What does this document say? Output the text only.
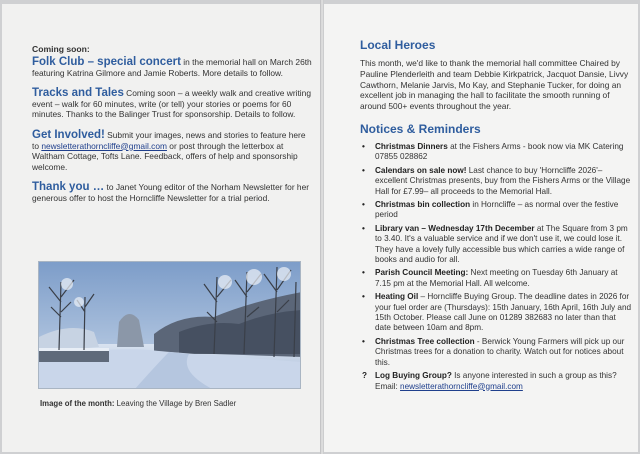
Coming soon:
Folk Club – special concert in the memorial hall on March 26th featuring Katrina Gilmore and Jamie Roberts. More details to follow.
Tracks and Tales Coming soon – a weekly walk and creative writing event – walk for 60 minutes, write (or tell) your stories or poems for 60 minutes. Thanks to the Balinger Trust for sponsorship. Details to follow.
Get Involved! Submit your images, news and stories to feature here to newsletterathorncliffe@gmail.com or post through the letterbox at Waltham Cottage, Tofts Lane. Feedback, offers of help and sponsorship welcome.
Thank you … to Janet Young editor of the Norham Newsletter for her generous offer to host the Horncliffe Newsletter for a trial period.
Image of the month: Leaving the Village by Bren Sadler
Local Heroes
This month, we'd like to thank the memorial hall committee Chaired by Pauline Plenderleith and team Debbie Kirkpatrick, Jacquot Dansie, Livvy Cawthorn, Melanie Jarvis, Mo Kay, and Stephanie Tucker, for doing an excellent job in managing the hall to facilitate the smooth running of around 500+ events throughout the year.
Notices & Reminders
• Christmas Dinners at the Fishers Arms - book now via MK Catering 07855 028862
• Calendars on sale now! Last chance to buy 'Horncliffe 2026'– excellent Christmas presents, buy from the Fishers Arms or the Village Hall for £7.99– all proceeds to the Memorial Hall.
• Christmas bin collection in Horncliffe – as normal over the festive period
• Library van – Wednesday 17th December at The Square from 3 pm to 3.40. It's a valuable service and if we don't use it, we could lose it. They have a lovely fully accessible bus which carries a wide range of books and audio for all.
• Parish Council Meeting: Next meeting on Tuesday 6th January at 7.15 pm at the Memorial Hall. All welcome.
• Heating Oil – Horncliffe Buying Group. The deadline dates in 2026 for your fuel order are (Thursdays): 15th January, 16th April, 16th July and 15th October. Please call June on 01289 382683 no later than that date between 10am and 8pm.
• Christmas Tree collection - Berwick Young Farmers will pick up our Christmas trees for a donation to charity. Watch out for notices about this.
? Log Buying Group? Is anyone interested in such a group as this? Email: newsletterathorncliffe@gmail.com
